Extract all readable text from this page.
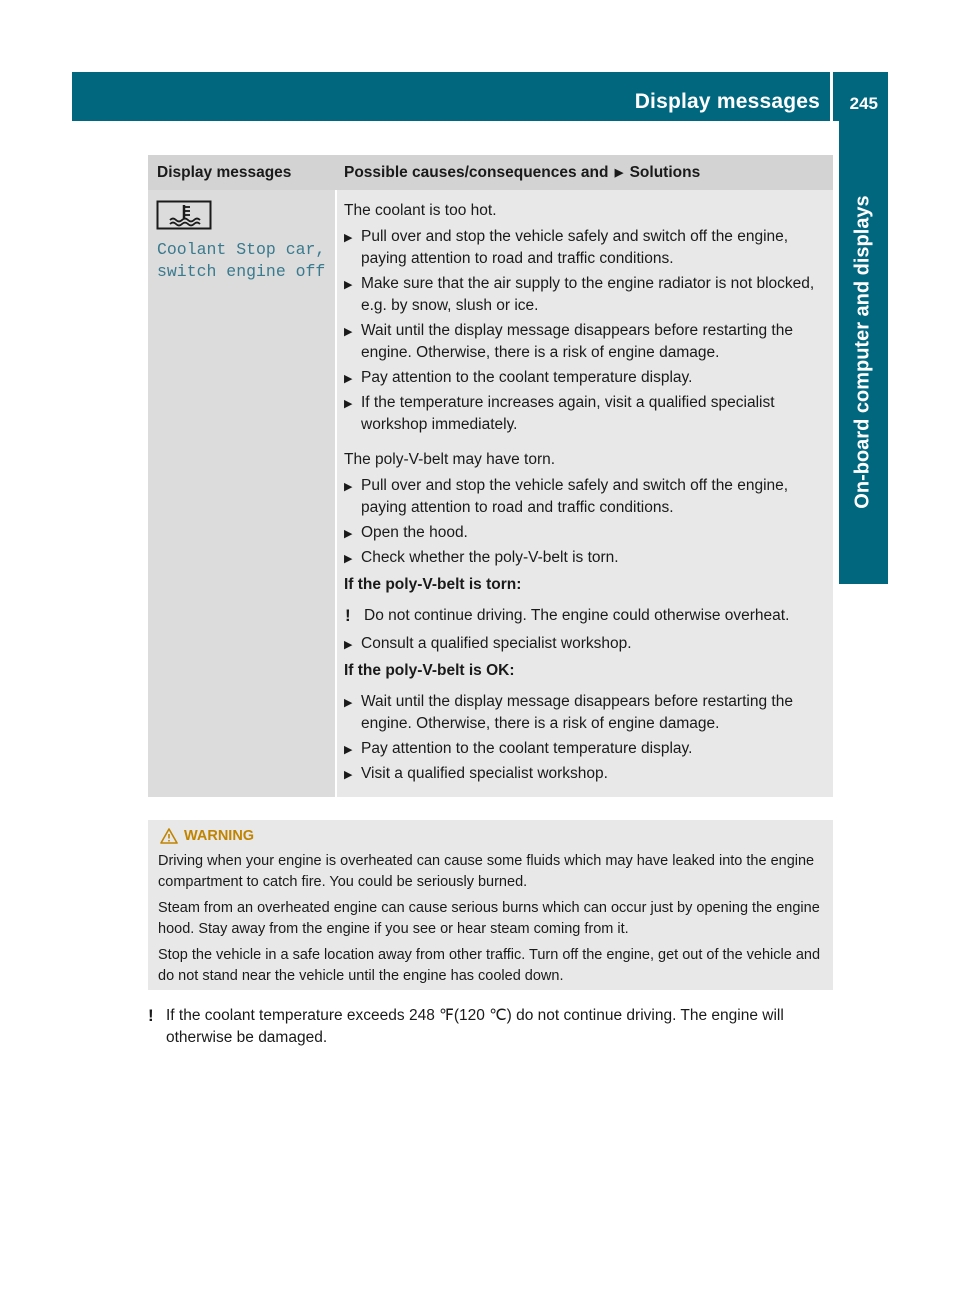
Display messages 245
On-board computer and displays
Display messages	Possible causes/consequences and ▶ Solutions
Coolant Stop car,
switch engine off
The coolant is too hot.
▶ Pull over and stop the vehicle safely and switch off the engine, paying attention to road and traffic conditions.
▶ Make sure that the air supply to the engine radiator is not blocked, e.g. by snow, slush or ice.
▶ Wait until the display message disappears before restarting the engine. Otherwise, there is a risk of engine damage.
▶ Pay attention to the coolant temperature display.
▶ If the temperature increases again, visit a qualified specialist workshop immediately.
The poly-V-belt may have torn.
▶ Pull over and stop the vehicle safely and switch off the engine, paying attention to road and traffic conditions.
▶ Open the hood.
▶ Check whether the poly-V-belt is torn.
If the poly-V-belt is torn:
! Do not continue driving. The engine could otherwise overheat.
▶ Consult a qualified specialist workshop.
If the poly-V-belt is OK:
▶ Wait until the display message disappears before restarting the engine. Otherwise, there is a risk of engine damage.
▶ Pay attention to the coolant temperature display.
▶ Visit a qualified specialist workshop.
WARNING
Driving when your engine is overheated can cause some fluids which may have leaked into the engine compartment to catch fire. You could be seriously burned.
Steam from an overheated engine can cause serious burns which can occur just by opening the engine hood. Stay away from the engine if you see or hear steam coming from it.
Stop the vehicle in a safe location away from other traffic. Turn off the engine, get out of the vehicle and do not stand near the vehicle until the engine has cooled down.
! If the coolant temperature exceeds 248 ℉(120 ℃) do not continue driving. The engine will otherwise be damaged.
